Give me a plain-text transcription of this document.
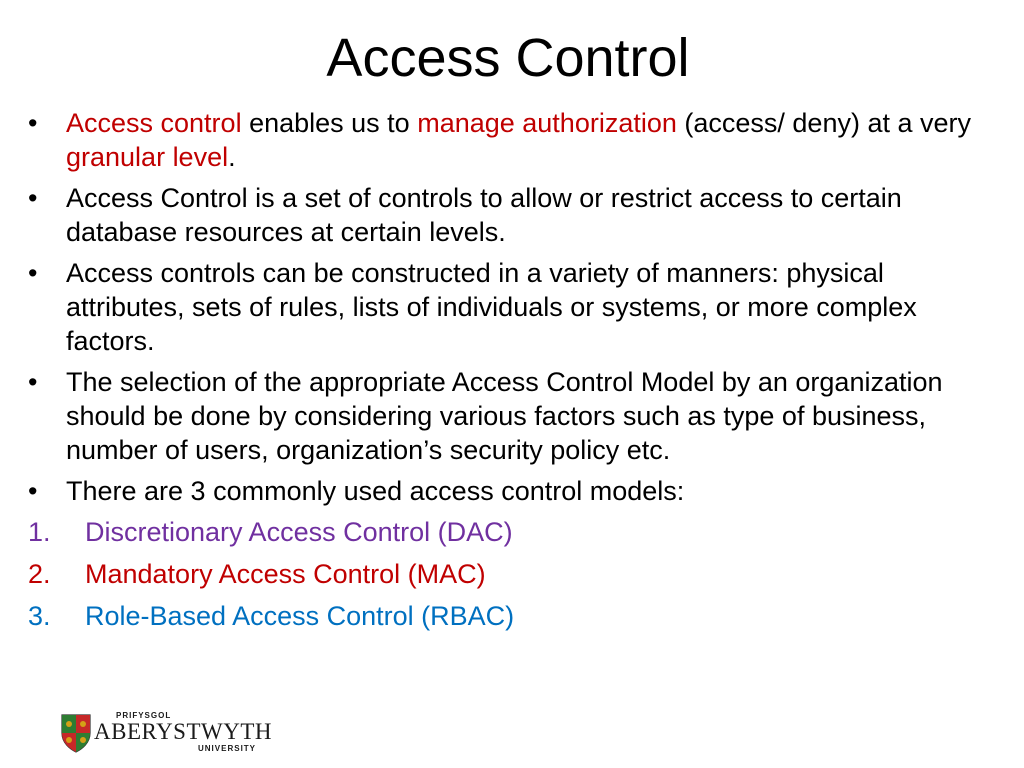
Access Control
•	Access control enables us to manage authorization (access/ deny) at a very granular level.
•	Access Control is a set of controls to allow or restrict access to certain database resources at certain levels.
•	Access controls can be constructed in a variety of manners: physical attributes, sets of rules, lists of individuals or systems, or more complex factors.
•	The selection of the appropriate Access Control Model by an organization should be done by considering various factors such as type of business, number of users, organization’s security policy etc.
•	There are 3 commonly used access control models:
1.	Discretionary Access Control (DAC)
2.	Mandatory Access Control (MAC)
3.	Role-Based Access Control (RBAC)
PRIFYSGOL
ABERYSTWYTH
UNIVERSITY
